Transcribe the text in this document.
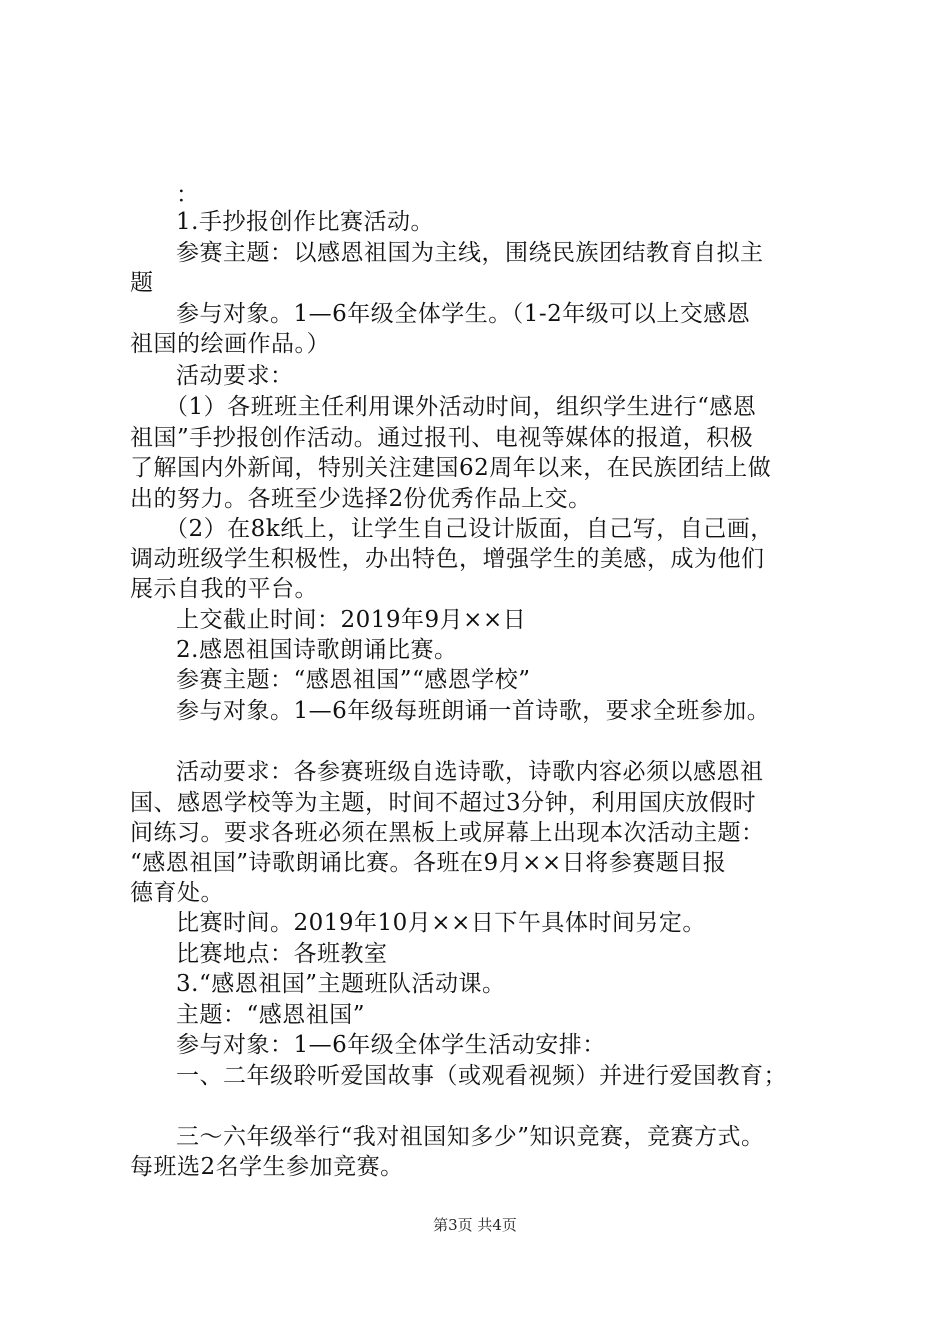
：
1.手抄报创作比赛活动。
参赛主题：以感恩祖国为主线，围绕民族团结教育自拟主
题
参与对象。1—6年级全体学生。（1-2年级可以上交感恩
祖国的绘画作品。）
活动要求：
（1）各班班主任利用课外活动时间，组织学生进行“感恩
祖国”手抄报创作活动。通过报刊、电视等媒体的报道，积极
了解国内外新闻，特别关注建国62周年以来，在民族团结上做
出的努力。各班至少选择2份优秀作品上交。
（2）在8k纸上，让学生自己设计版面，自己写，自己画，
调动班级学生积极性，办出特色，增强学生的美感，成为他们
展示自我的平台。
上交截止时间：2019年9月××日
2.感恩祖国诗歌朗诵比赛。
参赛主题：“感恩祖国”“感恩学校”
参与对象。1—6年级每班朗诵一首诗歌，要求全班参加。
活动要求：各参赛班级自选诗歌，诗歌内容必须以感恩祖
国、感恩学校等为主题，时间不超过3分钟，利用国庆放假时
间练习。要求各班必须在黑板上或屏幕上出现本次活动主题：
“感恩祖国”诗歌朗诵比赛。各班在9月××日将参赛题目报
德育处。
比赛时间。2019年10月××日下午具体时间另定。
比赛地点：各班教室
3.“感恩祖国”主题班队活动课。
主题：“感恩祖国”
参与对象：1—6年级全体学生活动安排：
一、二年级聆听爱国故事（或观看视频）并进行爱国教育；
三～六年级举行“我对祖国知多少”知识竞赛，竞赛方式。
每班选2名学生参加竞赛。
第3页 共4页
